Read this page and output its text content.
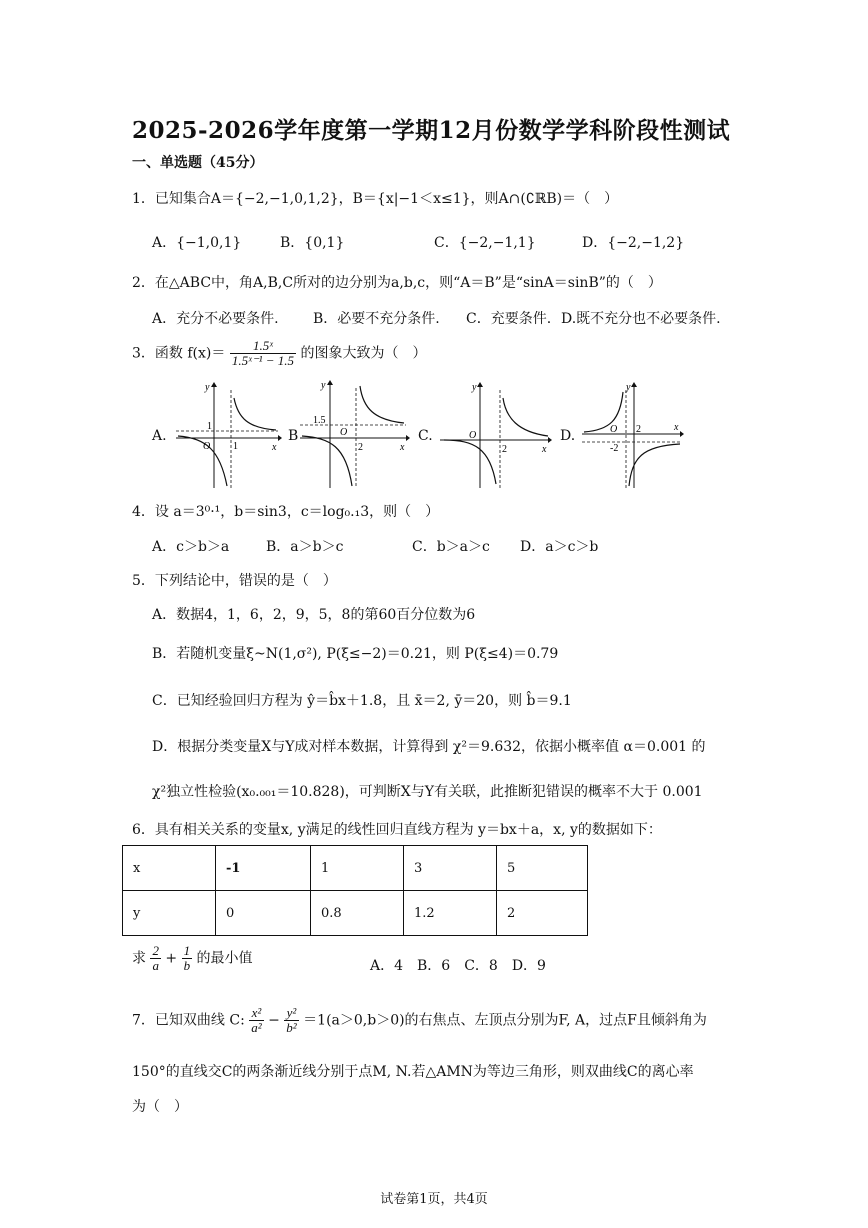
2025-2026学年度第一学期12月份数学学科阶段性测试
一、单选题（45分）
1．已知集合A＝{−2,−1,0,1,2}，B＝{x|−1＜x≤1}，则A∩(∁ℝB)＝（　）
A．{−1,0,1}	B．{0,1}	C．{−2,−1,1}	D．{−2,−1,2}
2．在△ABC中，角A,B,C所对的边分别为a,b,c，则“A＝B”是“sinA＝sinB”的（　）
A．充分不必要条件. B．必要不充分条件. C．充要条件. D.既不充分也不必要条件.
3．函数 $f(x)= \frac{\text{1.5ˣ}}{\text{1.5ˣ⁻¹ − 1.5}}$ 的图象大致为（　）
A.
y
x
O
1
1
B
y
x
O
1.5
2
C.
y
x
O
2
D.
y
x
O 2
-2
4．设 a＝3⁰·¹，b＝sin3，c＝log₀.₁3，则（　）
A．c＞b＞a	B．a＞b＞c	C．b＞a＞c D．a＞c＞b
5．下列结论中，错误的是（　）
A．数据4，1，6，2，9，5，8的第60百分位数为6
B．若随机变量ξ~N(1,σ²), P(ξ≤−2)＝0.21，则 P(ξ≤4)＝0.79
C．已知经验回归方程为 ŷ＝b̂x＋1.8，且 x̄＝2, ȳ＝20，则 b̂＝9.1
D．根据分类变量X与Y成对样本数据，计算得到 χ²＝9.632，依据小概率值 α＝0.001 的
χ²独立性检验(x₀.₀₀₁＝10.828)，可判断X与Y有关联，此推断犯错误的概率不大于 0.001
6．具有相关关系的变量x, y满足的线性回归直线方程为 y＝bx＋a，x, y的数据如下：
x	-1	1	3	5
y	0	0.8	1.2	2
求 $\frac{2}{a} + \frac{1}{b}$ 的最小值	A．4　B．6　C．8　D．9
7．已知双曲线 C: $\frac{\text{x²}}{\text{a²}} - \frac{\text{y²}}{\text{b²}} =1(a>0,b>0)$的右焦点、左顶点分别为F, A，过点F且倾斜角为
150°的直线交C的两条渐近线分别于点M, N.若△AMN为等边三角形，则双曲线C的离心率
为（　）
试卷第1页，共4页
